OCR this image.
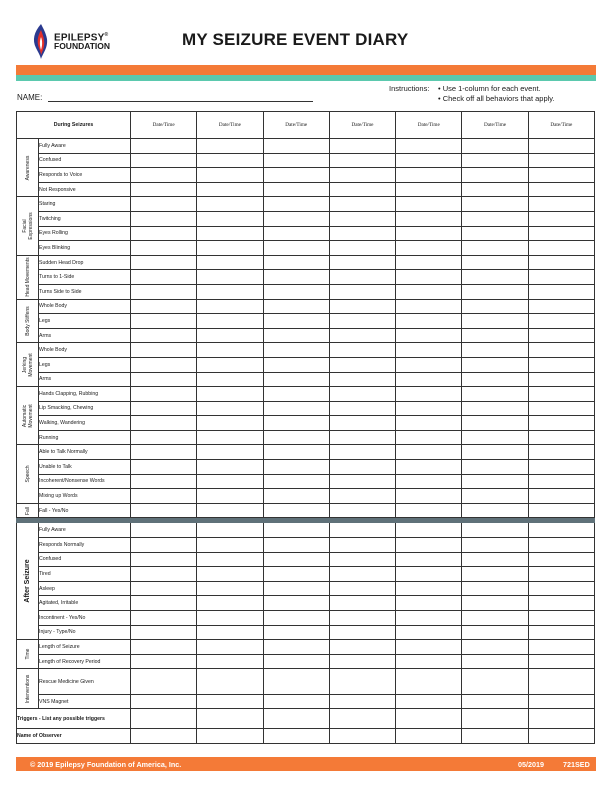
EPILEPSY®
FOUNDATION	MY SEIZURE EVENT DIARY
Instructions: • Use 1-column for each event.
• Check off all behaviors that apply.
NAME:
During Seizures		Date/Time	Date/Time	Date/Time	Date/Time	Date/Time	Date/Time	Date/Time

Awareness	Fully Aware							
	Confused							
	Responds to Voice							
	Not Responsive							

Facial Expressions	Staring							
	Twitching							
	Eyes Rolling							
	Eyes Blinking							

Head Movements	Sudden Head Drop							
	Turns to 1-Side							
	Turns Side to Side							

Body Stiffens	Whole Body							
	Legs							
	Arms							

Jerking Movement	Whole Body							
	Legs							
	Arms							

Automatic Movement	Hands Clapping, Rubbing							
	Lip Smacking, Chewing							
	Walking, Wandering							
	Running							

Speech	Able to Talk Normally							
	Unable to Talk							
	Incoherent/Nonsense Words							
	Mixing up Words							

Fall	Fall - Yes/No							

After Seizure	Fully Aware							
	Responds Normally							
	Confused							
	Tired							
	Asleep							
	Agitated, Irritable							
	Incontinent - Yes/No							
	Injury - Type/No							

Time	Length of Seizure							
	Length of Recovery Period							

Interventions	Rescue Medicine Given							
	VNS Magnet							
Triggers - List any possible triggers								
Name of Observer								
© 2019 Epilepsy Foundation of America, Inc.	05/2019	721SED
